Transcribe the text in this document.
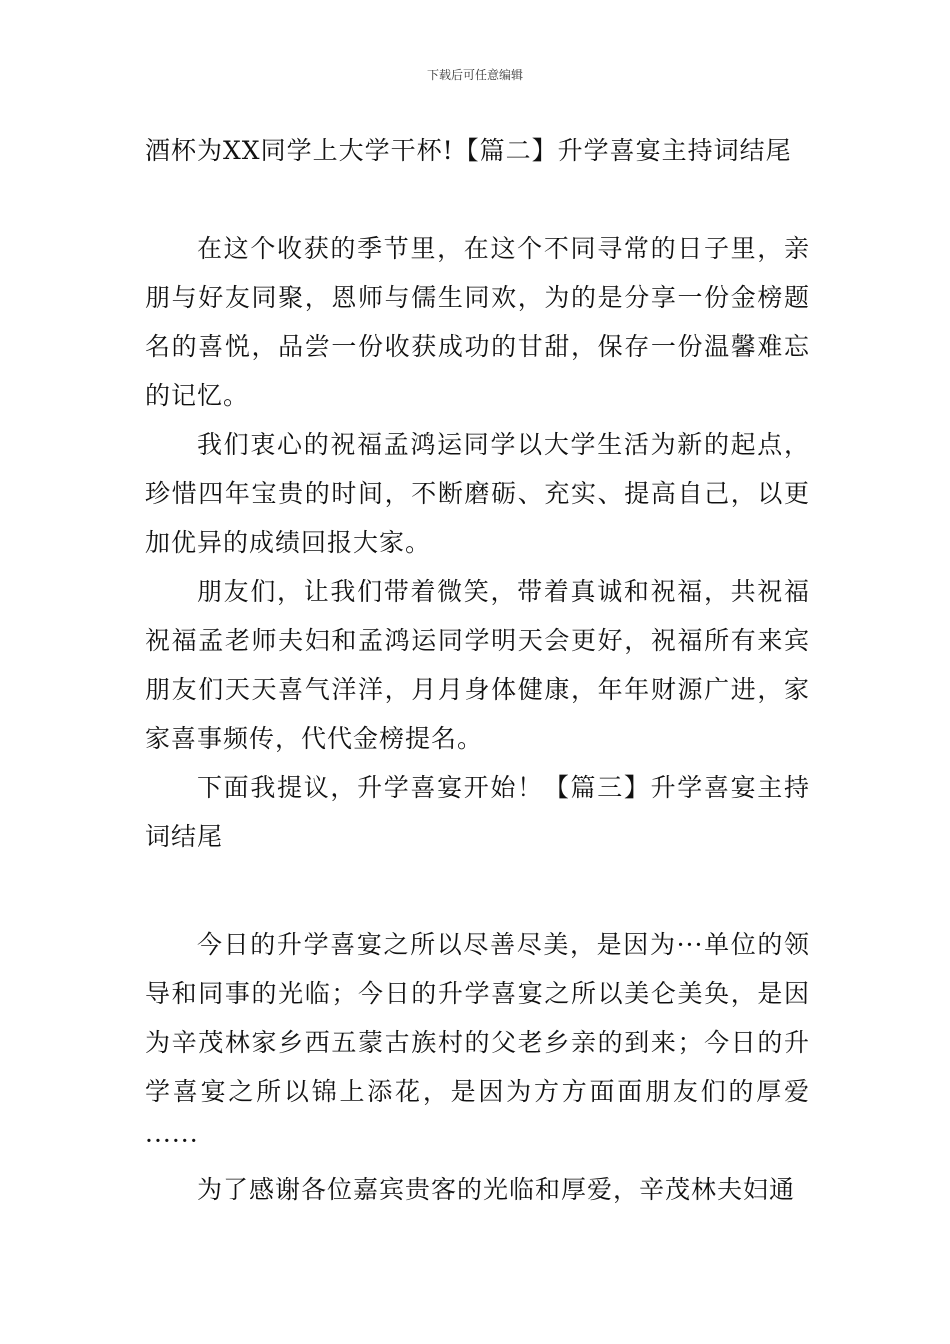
下载后可任意编辑

酒杯为XX同学上大学干杯!【篇二】升学喜宴主持词结尾

在这个收获的季节里，在这个不同寻常的日子里，亲朋与好友同聚，恩师与儒生同欢，为的是分享一份金榜题名的喜悦，品尝一份收获成功的甘甜，保存一份温馨难忘的记忆。

我们衷心的祝福孟鸿运同学以大学生活为新的起点，珍惜四年宝贵的时间，不断磨砺、充实、提高自己，以更加优异的成绩回报大家。

朋友们，让我们带着微笑，带着真诚和祝福，共祝福祝福孟老师夫妇和孟鸿运同学明天会更好，祝福所有来宾朋友们天天喜气洋洋，月月身体健康，年年财源广进，家家喜事频传，代代金榜提名。

下面我提议，升学喜宴开始！【篇三】升学喜宴主持词结尾

今日的升学喜宴之所以尽善尽美，是因为···单位的领导和同事的光临；今日的升学喜宴之所以美仑美奂，是因为辛茂林家乡西五蒙古族村的父老乡亲的到来；今日的升学喜宴之所以锦上添花，是因为方方面面朋友们的厚爱······

为了感谢各位嘉宾贵客的光临和厚爱，辛茂林夫妇通
